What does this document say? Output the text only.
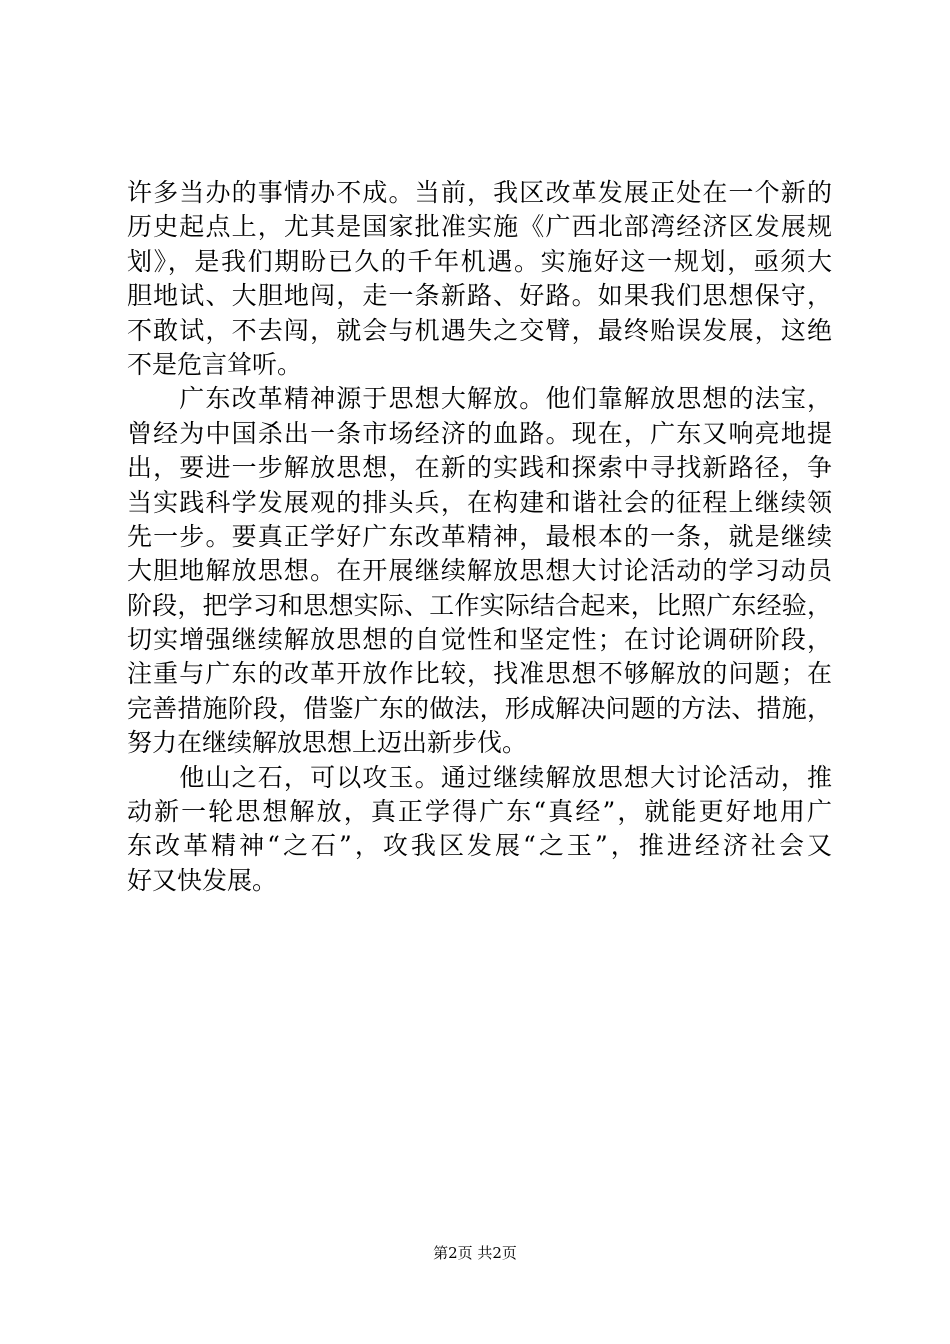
许多当办的事情办不成。当前，我区改革发展正处在一个新的
历史起点上，尤其是国家批准实施《广西北部湾经济区发展规
划》，是我们期盼已久的千年机遇。实施好这一规划，亟须大
胆地试、大胆地闯，走一条新路、好路。如果我们思想保守，
不敢试，不去闯，就会与机遇失之交臂，最终贻误发展，这绝
不是危言耸听。
　　广东改革精神源于思想大解放。他们靠解放思想的法宝，
曾经为中国杀出一条市场经济的血路。现在，广东又响亮地提
出，要进一步解放思想，在新的实践和探索中寻找新路径，争
当实践科学发展观的排头兵，在构建和谐社会的征程上继续领
先一步。要真正学好广东改革精神，最根本的一条，就是继续
大胆地解放思想。在开展继续解放思想大讨论活动的学习动员
阶段，把学习和思想实际、工作实际结合起来，比照广东经验，
切实增强继续解放思想的自觉性和坚定性；在讨论调研阶段，
注重与广东的改革开放作比较，找准思想不够解放的问题；在
完善措施阶段，借鉴广东的做法，形成解决问题的方法、措施，
努力在继续解放思想上迈出新步伐。
　　他山之石，可以攻玉。通过继续解放思想大讨论活动，推
动新一轮思想解放，真正学得广东“真经”，就能更好地用广
东改革精神“之石”，攻我区发展“之玉”，推进经济社会又
好又快发展。
第2页 共2页
